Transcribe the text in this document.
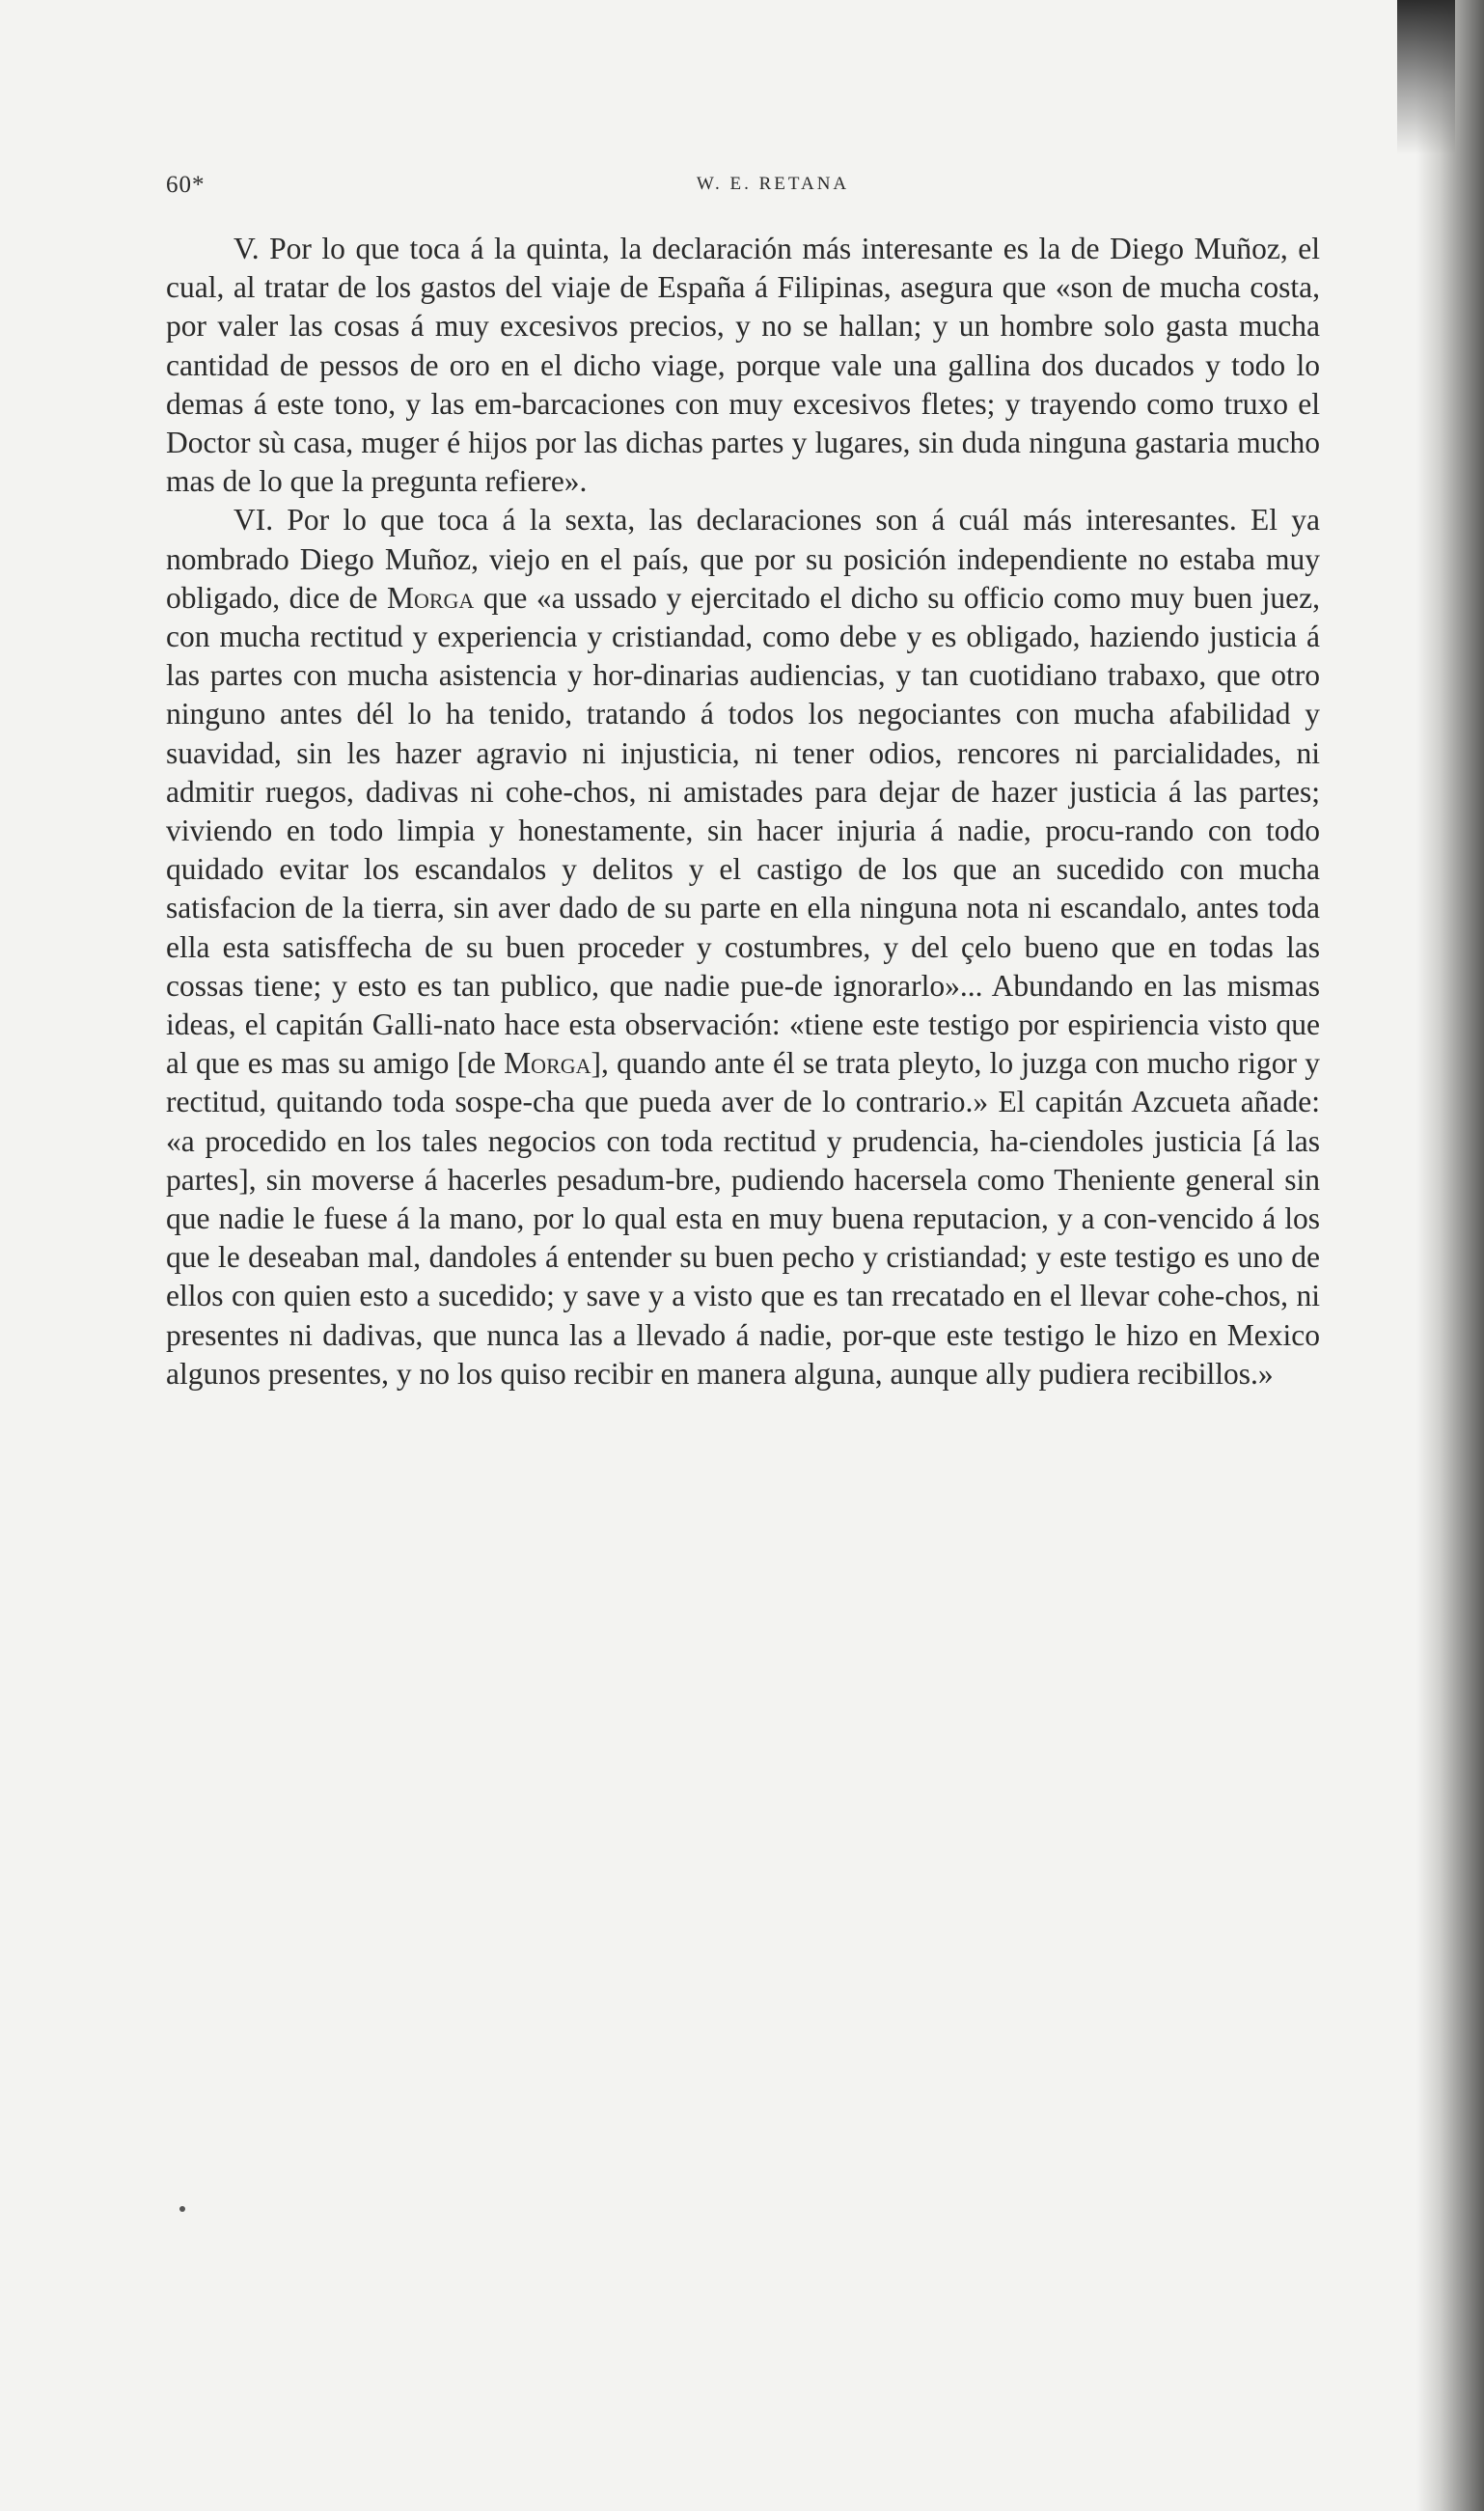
60*	W. E. RETANA

V. Por lo que toca á la quinta, la declaración más interesante es la de Diego Muñoz, el cual, al tratar de los gastos del viaje de España á Filipinas, asegura que «son de mucha costa, por valer las cosas á muy excesivos precios, y no se hallan; y un hombre solo gasta mucha cantidad de pessos de oro en el dicho viage, porque vale una gallina dos ducados y todo lo demas á este tono, y las em-barcaciones con muy excesivos fletes; y trayendo como truxo el Doctor sù casa, muger é hijos por las dichas partes y lugares, sin duda ninguna gastaria mucho mas de lo que la pregunta refiere».

VI. Por lo que toca á la sexta, las declaraciones son á cuál más interesantes. El ya nombrado Diego Muñoz, viejo en el país, que por su posición independiente no estaba muy obligado, dice de Morga que «a ussado y ejercitado el dicho su officio como muy buen juez, con mucha rectitud y experiencia y cristiandad, como debe y es obligado, haziendo justicia á las partes con mucha asistencia y hor-dinarias audiencias, y tan cuotidiano trabaxo, que otro ninguno antes dél lo ha tenido, tratando á todos los negociantes con mucha afabilidad y suavidad, sin les hazer agravio ni injusticia, ni tener odios, rencores ni parcialidades, ni admitir ruegos, dadivas ni cohe-chos, ni amistades para dejar de hazer justicia á las partes; viviendo en todo limpia y honestamente, sin hacer injuria á nadie, procu-rando con todo quidado evitar los escandalos y delitos y el castigo de los que an sucedido con mucha satisfacion de la tierra, sin aver dado de su parte en ella ninguna nota ni escandalo, antes toda ella esta satisffecha de su buen proceder y costumbres, y del çelo bueno que en todas las cossas tiene; y esto es tan publico, que nadie pue-de ignorarlo»... Abundando en las mismas ideas, el capitán Galli-nato hace esta observación: «tiene este testigo por espiriencia visto que al que es mas su amigo [de Morga], quando ante él se trata pleyto, lo juzga con mucho rigor y rectitud, quitando toda sospe-cha que pueda aver de lo contrario.» El capitán Azcueta añade: «a procedido en los tales negocios con toda rectitud y prudencia, ha-ciendoles justicia [á las partes], sin moverse á hacerles pesadum-bre, pudiendo hacersela como Theniente general sin que nadie le fuese á la mano, por lo qual esta en muy buena reputacion, y a con-vencido á los que le deseaban mal, dandoles á entender su buen pecho y cristiandad; y este testigo es uno de ellos con quien esto a sucedido; y save y a visto que es tan rrecatado en el llevar cohe-chos, ni presentes ni dadivas, que nunca las a llevado á nadie, por-que este testigo le hizo en Mexico algunos presentes, y no los quiso recibir en manera alguna, aunque ally pudiera recibillos.»
